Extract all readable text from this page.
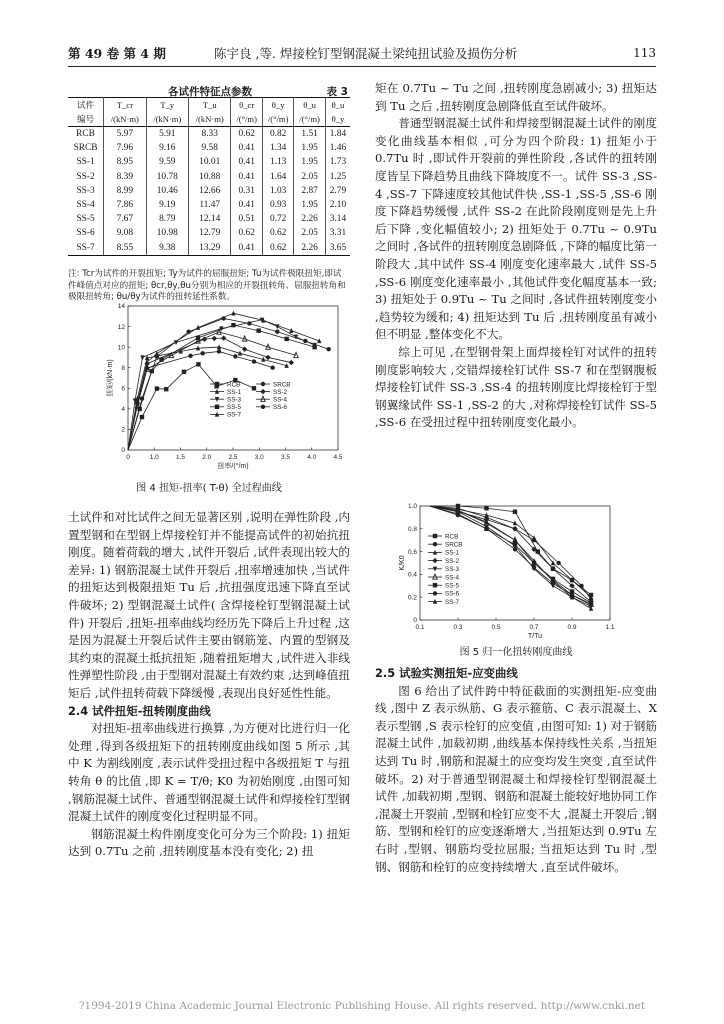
第 49 卷 第 4 期	陈宇良 ,等. 焊接栓钉型钢混凝土梁纯扭试验及损伤分析	113
各试件特征点参数	表 3
试件	T_cr	T_y	T_u	θ_cr	θ_y	θ_u	θ_u
编号	/(kN·m)	/(kN·m)	/(kN·m)	/(°/m)	/(°/m)	/(°/m)	θ_y
RCB	5.97	5.91	8.33	0.62	0.82	1.51	1.84
SRCB	7.96	9.16	9.58	0.41	1.34	1.95	1.46
SS-1	8.95	9.59	10.01	0.41	1.13	1.95	1.73
SS-2	8.39	10.78	10.88	0.41	1.64	2.05	1.25
SS-3	8.99	10.46	12.66	0.31	1.03	2.87	2.79
SS-4	7.86	9.19	11.47	0.41	0.93	1.95	2.10
SS-5	7.67	8.79	12.14	0.51	0.72	2.26	3.14
SS-6	9.08	10.98	12.79	0.62	0.62	2.05	3.31
SS-7	8.55	9.38	13.29	0.41	0.62	2.26	3.65
注: Tcr为试件的开裂扭矩; Ty为试件的屈服扭矩; Tu为试件极限扭矩,即试件峰值点对应的扭矩; θcr,θy,θu分别为相应的开裂扭转角、屈服扭转角和极限扭转角; θu/θy为试件的扭转延性系数。
0	1.0	1.5	2.0	2.5	3.0	3.5	4.0	4.5
0
2
4
6
8
10
12
14
扭率/(°/m)
扭矩/(kN·m)	RCB	SRCB
SS-1	SS-2
SS-3	SS-4
SS-5	SS-6
SS-7
图 4 扭矩-扭率( T-θ) 全过程曲线

土试件和对比试件之间无显著区别 ,说明在弹性阶段 ,内置型钢和在型钢上焊接栓钉并不能提高试件的初始抗扭刚度。随着荷载的增大 ,试件开裂后 ,试件表现出较大的差异: 1) 钢筋混凝土试件开裂后 ,扭率增速加快 ,当试件的扭矩达到极限扭矩 Tu 后 ,抗扭强度迅速下降直至试件破坏; 2) 型钢混凝土试件( 含焊接栓钉型钢混凝土试件) 开裂后 ,扭矩-扭率曲线均经历先下降后上升过程 ,这是因为混凝土开裂后试件主要由钢筋笼、内置的型钢及其约束的混凝土抵抗扭矩 ,随着扭矩增大 ,试件进入非线性弹塑性阶段 ,由于型钢对混凝土有效约束 ,达到峰值扭矩后 ,试件扭转荷载下降缓慢 ,表现出良好延性性能。

2.4 试件扭矩-扭转刚度曲线

对扭矩-扭率曲线进行换算 ,为方便对比进行归一化处理 ,得到各级扭矩下的扭转刚度曲线如图 5 所示 ,其中 K 为割线刚度 ,表示试件受扭过程中各级扭矩 T 与扭转角 θ 的比值 ,即 K = T/θ; K0 为初始刚度 ,由图可知 ,钢筋混凝土试件、普通型钢混凝土试件和焊接栓钉型钢混凝土试件的刚度变化过程明显不同。

钢筋混凝土构件刚度变化可分为三个阶段: 1) 扭矩达到 0.7Tu 之前 ,扭转刚度基本没有变化; 2) 扭

矩在 0.7Tu ~ Tu 之间 ,扭转刚度急剧减小; 3) 扭矩达到 Tu 之后 ,扭转刚度急剧降低直至试件破坏。

普通型钢混凝土试件和焊接型钢混凝土试件的刚度变化曲线基本相似 ,可分为四个阶段: 1) 扭矩小于 0.7Tu 时 ,即试件开裂前的弹性阶段 ,各试件的扭转刚度皆呈下降趋势且曲线下降坡度不一。试件 SS-3 ,SS-4 ,SS-7 下降速度较其他试件快 ,SS-1 ,SS-5 ,SS-6 刚度下降趋势缓慢 ,试件 SS-2 在此阶段刚度则是先上升后下降 ,变化幅值较小; 2) 扭矩处于 0.7Tu ~ 0.9Tu 之间时 ,各试件的扭转刚度急剧降低 ,下降的幅度比第一阶段大 ,其中试件 SS-4 刚度变化速率最大 ,试件 SS-5 ,SS-6 刚度变化速率最小 ,其他试件变化幅度基本一致; 3) 扭矩处于 0.9Tu ~ Tu 之间时 ,各试件扭转刚度变小 ,趋势较为缓和; 4) 扭矩达到 Tu 后 ,扭转刚度虽有减小但不明显 ,整体变化不大。

综上可见 ,在型钢骨架上面焊接栓钉对试件的扭转刚度影响较大 ,交错焊接栓钉试件 SS-7 和在型钢腹板焊接栓钉试件 SS-3 ,SS-4 的扭转刚度比焊接栓钉于型钢翼缘试件 SS-1 ,SS-2 的大 ,对称焊接栓钉试件 SS-5 ,SS-6 在受扭过程中扭转刚度变化最小。

0.1	0.3	0.5	0.7	0.9	1.1
0
0.2
0.4
0.6
0.8
1.0
T/Tu
K/K0
RCB
SRCB
SS-1
SS-2
SS-3
SS-4
SS-5
SS-6
SS-7
图 5 归一化扭转刚度曲线

2.5 试验实测扭矩-应变曲线

图 6 给出了试件跨中特征截面的实测扭矩-应变曲线 ,图中 Z 表示纵筋、G 表示箍筋、C 表示混凝土、X 表示型钢 ,S 表示栓钉的应变值 ,由图可知: 1) 对于钢筋混凝土试件 ,加载初期 ,曲线基本保持线性关系 ,当扭矩达到 Tu 时 ,钢筋和混凝土的应变均发生突变 ,直至试件破坏。2) 对于普通型钢混凝土和焊接栓钉型钢混凝土试件 ,加载初期 ,型钢、钢筋和混凝土能较好地协同工作 ,混凝土开裂前 ,型钢和栓钉应变不大 ,混凝土开裂后 ,钢筋、型钢和栓钉的应变逐渐增大 ,当扭矩达到 0.9Tu 左右时 ,型钢、钢筋均受拉屈服; 当扭矩达到 Tu 时 ,型钢、钢筋和栓钉的应变持续增大 ,直至试件破坏。

?1994-2019 China Academic Journal Electronic Publishing House. All rights reserved. http://www.cnki.net
